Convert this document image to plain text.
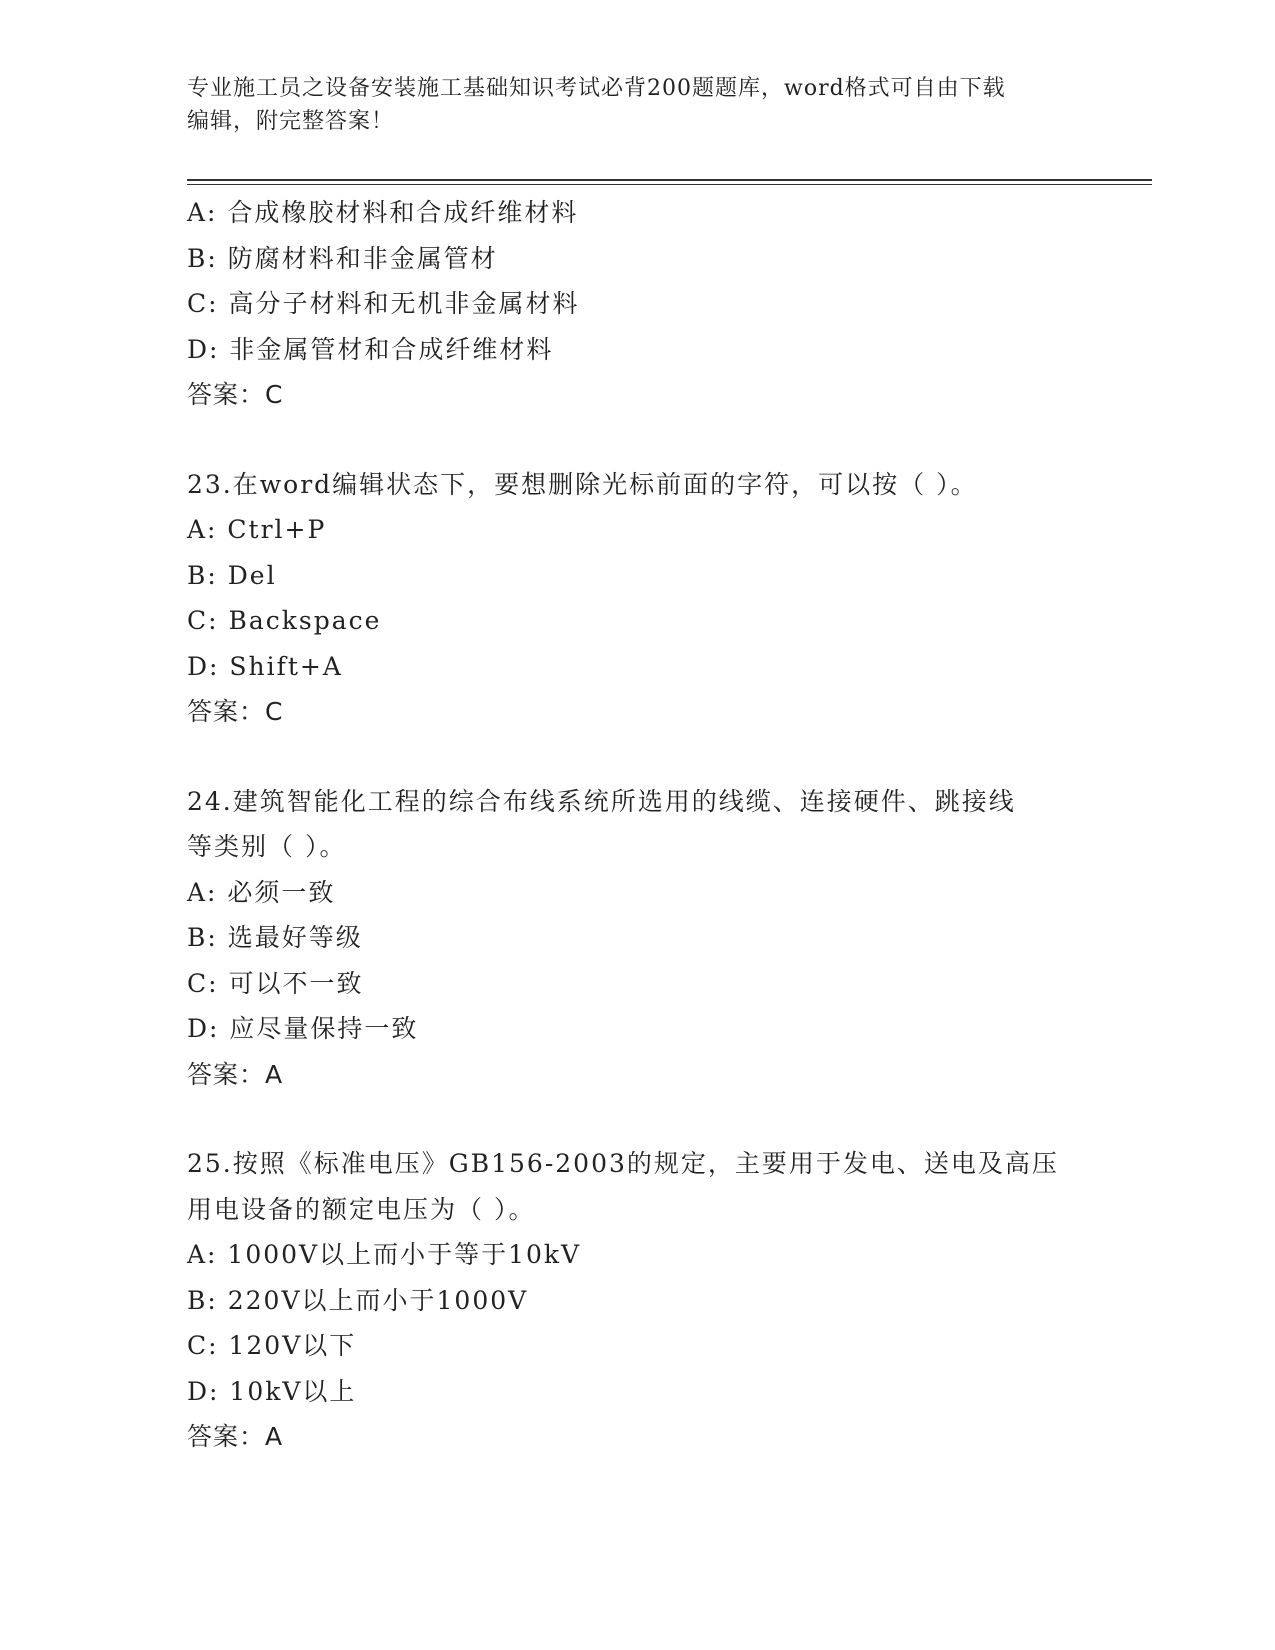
专业施工员之设备安装施工基础知识考试必背200题题库，word格式可自由下载
编辑，附完整答案！
A: 合成橡胶材料和合成纤维材料
B: 防腐材料和非金属管材
C: 高分子材料和无机非金属材料
D: 非金属管材和合成纤维材料
答案：C
23.在word编辑状态下，要想删除光标前面的字符，可以按（ ）。
A: Ctrl+P
B: Del
C: Backspace
D: Shift+A
答案：C
24.建筑智能化工程的综合布线系统所选用的线缆、连接硬件、跳接线
等类别（ ）。
A: 必须一致
B: 选最好等级
C: 可以不一致
D: 应尽量保持一致
答案：A
25.按照《标准电压》GB156-2003的规定，主要用于发电、送电及高压
用电设备的额定电压为（ ）。
A: 1000V以上而小于等于10kV
B: 220V以上而小于1000V
C: 120V以下
D: 10kV以上
答案：A
